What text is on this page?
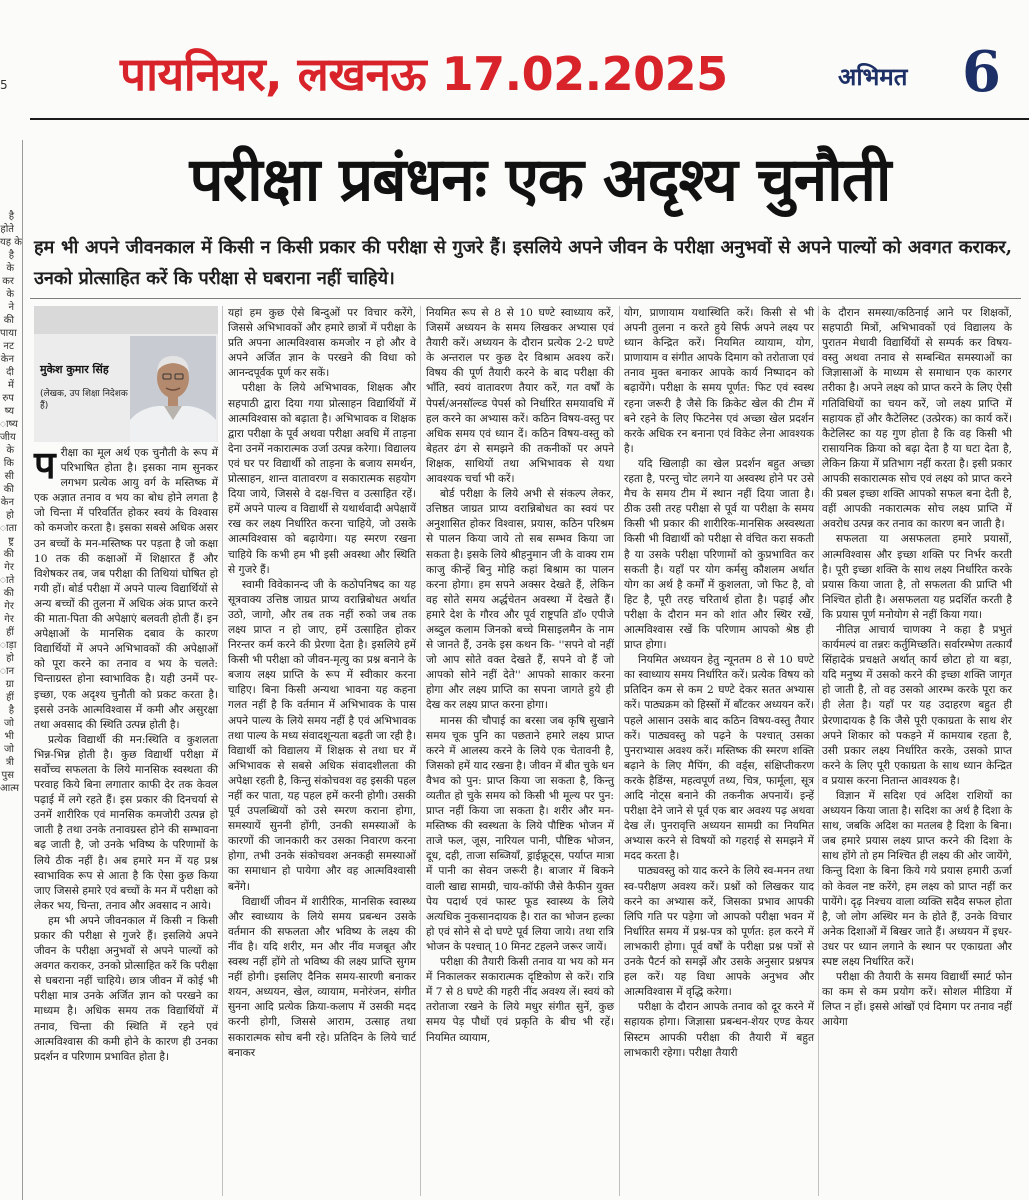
5 पायनियर, लखनऊ 17.02.2025	अभिमत 6
है
होते
यह के
है
के
कर
के
ने
की
पाया
नट
केन
दी
में
रुप
ष्य
ाष्य
जीय
के
कि
सी
की
केन
हो
ाता
ष्ट्र
की
गेर
ाते
की
गेर
गेर
हीं
ाड़ा
हो
ान
ग्रा
हीं
है
जो
भी
जो
त्री
पुस
आत्म
परीक्षा प्रबंधनः एक अदृश्य चुनौती
हम भी अपने जीवनकाल में किसी न किसी प्रकार की परीक्षा से गुजरे हैं। इसलिये अपने जीवन के परीक्षा अनुभवों से अपने पाल्यों को अवगत कराकर, उनको प्रोत्साहित करें कि परीक्षा से घबराना नहीं चाहिये।
मुकेश कुमार सिंह
(लेखक, उप शिक्षा निदेशक हैं)

परीक्षा का मूल अर्थ एक चुनौती के रूप में परिभाषित होता है। इसका नाम सुनकर लगभग प्रत्येक आयु वर्ग के मस्तिष्क में एक अज्ञात तनाव व भय का बोध होने लगता है जो चिन्ता में परिवर्तित होकर स्वयं के विश्वास को कमजोर करता है। इसका सबसे अधिक असर उन बच्चों के मन-मस्तिष्क पर पड़ता है जो कक्षा 10 तक की कक्षाओं में शिक्षारत हैं और विशेषकर तब, जब परीक्षा की तिथियां घोषित हो गयी हों। बोर्ड परीक्षा में अपने पाल्य विद्यार्थियों से अन्य बच्चों की तुलना में अधिक अंक प्राप्त करने की माता-पिता की अपेक्षाएं बलवती होती हैं। इन अपेक्षाओं के मानसिक दबाव के कारण विद्यार्थियों में अपने अभिभावकों की अपेक्षाओं को पूरा करने का तनाव व भय के चलते: चिन्ताग्रस्त होना स्वाभाविक है। यही उनमें पर-इच्छा, एक अदृश्य चुनौती को प्रकट करता है। इससे उनके आत्मविश्वास में कमी और असुरक्षा तथा अवसाद की स्थिति उत्पन्न होती है।

प्रत्येक विद्यार्थी की मन:स्थिति व कुशलता भिन्न-भिन्न होती है। कुछ विद्यार्थी परीक्षा में सर्वोच्च सफलता के लिये मानसिक स्वस्थता की परवाह किये बिना लगातार काफी देर तक केवल पढ़ाई में लगे रहते हैं। इस प्रकार की दिनचर्या से उनमें शारीरिक एवं मानसिक कमजोरी उत्पन्न हो जाती है तथा उनके तनावग्रस्त होने की सम्भावना बढ़ जाती है, जो उनके भविष्य के परिणामों के लिये ठीक नहीं है। अब हमारे मन में यह प्रश्न स्वाभाविक रूप से आता है कि ऐसा कुछ किया जाए जिससे हमारे एवं बच्चों के मन में परीक्षा को लेकर भय, चिन्ता, तनाव और अवसाद न आये।

हम भी अपने जीवनकाल में किसी न किसी प्रकार की परीक्षा से गुजरे हैं। इसलिये अपने जीवन के परीक्षा अनुभवों से अपने पाल्यों को अवगत कराकर, उनको प्रोत्साहित करें कि परीक्षा से घबराना नहीं चाहिये। छात्र जीवन में कोई भी परीक्षा मात्र उनके अर्जित ज्ञान को परखने का माध्यम है। अधिक समय तक विद्यार्थियों में तनाव, चिन्ता की स्थिति में रहने एवं आत्मविश्वास की कमी होने के कारण ही उनका प्रदर्शन व परिणाम प्रभावित होता है।

यहां हम कुछ ऐसे बिन्दुओं पर विचार करेंगे, जिससे अभिभावकों और हमारे छात्रों में परीक्षा के प्रति अपना आत्मविश्वास कमजोर न हो और वे अपने अर्जित ज्ञान के परखने की विधा को आनन्दपूर्वक पूर्ण कर सकें।

परीक्षा के लिये अभिभावक, शिक्षक और सहपाठी द्वारा दिया गया प्रोत्साहन विद्यार्थियों में आत्मविश्वास को बढ़ाता है। अभिभावक व शिक्षक द्वारा परीक्षा के पूर्व अथवा परीक्षा अवधि में ताड़ना देना उनमें नकारात्मक उर्जा उत्पन्न करेगा। विद्यालय एवं घर पर विद्यार्थी को ताड़ना के बजाय समर्थन, प्रोत्साहन, शान्त वातावरण व सकारात्मक सहयोग दिया जाये, जिससे वे दक्ष-चित्त व उत्साहित रहें। हमें अपने पाल्य व विद्यार्थी से यथार्थवादी अपेक्षायें रख कर लक्ष्य निर्धारित करना चाहिये, जो उसके आत्मविश्वास को बढ़ायेगा। यह स्मरण रखना चाहिये कि कभी हम भी इसी अवस्था और स्थिति से गुजरे हैं।

स्वामी विवेकानन्द जी के कठोपनिषद का यह सूत्रवाक्य उत्तिष्ठ जाग्रत प्राप्य वरान्निबोधत अर्थात उठो, जागो, और तब तक नहीं रुको जब तक लक्ष्य प्राप्त न हो जाए, हमें उत्साहित होकर निरन्तर कर्म करने की प्रेरणा देता है। इसलिये हमें किसी भी परीक्षा को जीवन-मृत्यु का प्रश्न बनाने के बजाय लक्ष्य प्राप्ति के रूप में स्वीकार करना चाहिए। बिना किसी अन्यथा भावना यह कहना गलत नहीं है कि वर्तमान में अभिभावक के पास अपने पाल्य के लिये समय नहीं है एवं अभिभावक तथा पाल्य के मध्य संवादशून्यता बढ़ती जा रही है। विद्यार्थी को विद्यालय में शिक्षक से तथा घर में अभिभावक से सबसे अधिक संवादशीलता की अपेक्षा रहती है, किन्तु संकोचवश वह इसकी पहल नहीं कर पाता, यह पहल हमें करनी होगी। उसकी पूर्व उपलब्धियों को उसे स्मरण कराना होगा, समस्यायें सुननी होंगी, उनकी समस्याओं के कारणों की जानकारी कर उसका निवारण करना होगा, तभी उनके संकोचवश अनकही समस्याओं का समाधान हो पायेगा और वह आत्मविश्वासी बनेंगे।

विद्यार्थी जीवन में शारीरिक, मानसिक स्वास्थ्य और स्वाध्याय के लिये समय प्रबन्धन उसके वर्तमान की सफलता और भविष्य के लक्ष्य की नींव है। यदि शरीर, मन और नींव मजबूत और स्वस्थ नहीं होंगे तो भविष्य की लक्ष्य प्राप्ति सुगम नहीं होगी। इसलिए दैनिक समय-सारणी बनाकर शयन, अध्ययन, खेल, व्यायाम, मनोरंजन, संगीत सुनना आदि प्रत्येक क्रिया-कलाप में उसकी मदद करनी होगी, जिससे आराम, उत्साह तथा सकारात्मक सोच बनी रहे। प्रतिदिन के लिये चार्ट बनाकर

नियमित रूप से 8 से 10 घण्टे स्वाध्याय करें, जिसमें अध्ययन के समय लिखकर अभ्यास एवं तैयारी करें। अध्ययन के दौरान प्रत्येक 2-2 घण्टे के अन्तराल पर कुछ देर विश्राम अवश्य करें। विषय की पूर्ण तैयारी करने के बाद परीक्षा की भाँति, स्वयं वातावरण तैयार करें, गत वर्षों के पेपर्स/अनसॉल्व्ड पेपर्स को निर्धारित समयावधि में हल करने का अभ्यास करें। कठिन विषय-वस्तु पर अधिक समय एवं ध्यान दें। कठिन विषय-वस्तु को बेहतर ढंग से समझने की तकनीकों पर अपने शिक्षक, साथियों तथा अभिभावक से यथा आवश्यक चर्चा भी करें।

बोर्ड परीक्षा के लिये अभी से संकल्प लेकर, उत्तिष्ठत जाग्रत प्राप्य वरान्निबोधत का स्वयं पर अनुशासित होकर विश्वास, प्रयास, कठिन परिश्रम से पालन किया जाये तो सब सम्भव किया जा सकता है। इसके लिये श्रीहनुमान जी के वाक्य राम काजु कीन्हें बिनु मोहि कहां बिश्राम का पालन करना होगा। हम सपने अक्सर देखते हैं, लेकिन वह सोते समय अर्द्धचेतन अवस्था में देखते हैं। हमारे देश के गौरव और पूर्व राष्ट्रपति डॉ० एपीजे अब्दुल कलाम जिनको बच्चे मिसाइलमैन के नाम से जानते हैं, उनके इस कथन कि- ''सपने वो नहीं जो आप सोते वक्त देखते हैं, सपने वो हैं जो आपको सोने नहीं देते'' आपको साकार करना होगा और लक्ष्य प्राप्ति का सपना जागते हुये ही देख कर लक्ष्य प्राप्त करना होगा।

मानस की चौपाई का बरसा जब कृषि सुखाने समय चूक पुनि का पछताने हमारे लक्ष्य प्राप्त करने में आलस्य करने के लिये एक चेतावनी है, जिसको हमें याद रखना है। जीवन में बीत चुके धन वैभव को पुन: प्राप्त किया जा सकता है, किन्तु व्यतीत हो चुके समय को किसी भी मूल्य पर पुन: प्राप्त नहीं किया जा सकता है। शरीर और मन-मस्तिष्क की स्वस्थता के लिये पौष्टिक भोजन में ताजे फल, जूस, नारियल पानी, पौष्टिक भोजन, दूध, दही, ताजा सब्जियाँ, ड्राईफ्रूट्स, पर्याप्त मात्रा में पानी का सेवन जरूरी है। बाजार में बिकने वाली खाद्य सामग्री, चाय-कॉफी जैसे कैफीन युक्त पेय पदार्थ एवं फास्ट फूड स्वास्थ्य के लिये अत्यधिक नुकसानदायक है। रात का भोजन हल्का हो एवं सोने से दो घण्टे पूर्व लिया जाये। तथा रात्रि भोजन के पश्चात् 10 मिनट टहलने जरूर जायें।

परीक्षा की तैयारी किसी तनाव या भय को मन में निकालकर सकारात्मक दृष्टिकोण से करें। रात्रि में 7 से 8 घण्टे की गहरी नींद अवश्य लें। स्वयं को तरोताजा रखने के लिये मधुर संगीत सुनें, कुछ समय पेड़ पौधों एवं प्रकृति के बीच भी रहें। नियमित व्यायाम,

योग, प्राणायाम यथास्थिति करें। किसी से भी अपनी तुलना न करते हुये सिर्फ अपने लक्ष्य पर ध्यान केन्द्रित करें। नियमित व्यायाम, योग, प्राणायाम व संगीत आपके दिमाग को तरोताजा एवं तनाव मुक्त बनाकर आपके कार्य निष्पादन को बढ़ायेंगे। परीक्षा के समय पूर्णत: फिट एवं स्वस्थ रहना जरूरी है जैसे कि क्रिकेट खेल की टीम में बने रहने के लिए फिटनेस एवं अच्छा खेल प्रदर्शन करके अधिक रन बनाना एवं विकेट लेना आवश्यक है।

यदि खिलाड़ी का खेल प्रदर्शन बहुत अच्छा रहता है, परन्तु चोट लगने या अस्वस्थ होने पर उसे मैच के समय टीम में स्थान नहीं दिया जाता है। ठीक उसी तरह परीक्षा से पूर्व या परीक्षा के समय किसी भी प्रकार की शारीरिक-मानसिक अस्वस्थता किसी भी विद्यार्थी को परीक्षा से वंचित करा सकती है या उसके परीक्षा परिणामों को कुप्रभावित कर सकती है। यहाँ पर योग कर्मसु कौशलम अर्थात योग का अर्थ है कर्मों में कुशलता, जो फिट है, वो हिट है, पूरी तरह चरितार्थ होता है। पढ़ाई और परीक्षा के दौरान मन को शांत और स्थिर रखें, आत्मविश्वास रखें कि परिणाम आपको श्रेष्ठ ही प्राप्त होगा।

नियमित अध्ययन हेतु न्यूनतम 8 से 10 घण्टे का स्वाध्याय समय निर्धारित करें। प्रत्येक विषय को प्रतिदिन कम से कम 2 घण्टे देकर सतत अभ्यास करें। पाठ्यक्रम को हिस्सों में बाँटकर अध्ययन करें। पहले आसान उसके बाद कठिन विषय-वस्तु तैयार करें। पाठ्यवस्तु को पढ़ने के पश्चात् उसका पुनराभ्यास अवश्य करें। मस्तिष्क की स्मरण शक्ति बढ़ाने के लिए मैपिंग, की वर्ड्स, संक्षिप्तीकरण करके हैडिंग्स, महत्वपूर्ण तथ्य, चित्र, फार्मूला, सूत्र आदि नोट्स बनाने की तकनीक अपनायें। इन्हें परीक्षा देने जाने से पूर्व एक बार अवश्य पढ़ अथवा देख लें। पुनरावृत्ति अध्ययन सामग्री का नियमित अभ्यास करने से विषयों को गहराई से समझने में मदद करता है।

पाठ्यवस्तु को याद करने के लिये स्व-मनन तथा स्व-परीक्षण अवश्य करें। प्रश्नों को लिखकर याद करने का अभ्यास करें, जिसका प्रभाव आपकी लिपि गति पर पड़ेगा जो आपको परीक्षा भवन में निर्धारित समय में प्रश्न-पत्र को पूर्णत: हल करने में लाभकारी होगा। पूर्व वर्षों के परीक्षा प्रश्न पत्रों से उनके पैटर्न को समझें और उसके अनुसार प्रश्नपत्र हल करें। यह विधा आपके अनुभव और आत्मविश्वास में वृद्धि करेगा।

परीक्षा के दौरान आपके तनाव को दूर करने में सहायक होगा। जिज्ञासा प्रबन्धन-शेयर एण्ड केयर सिस्टम आपकी परीक्षा की तैयारी में बहुत लाभकारी रहेगा। परीक्षा तैयारी

के दौरान समस्या/कठिनाई आने पर शिक्षकों, सहपाठी मित्रों, अभिभावकों एवं विद्यालय के पुरातन मेधावी विद्यार्थियों से सम्पर्क कर विषय-वस्तु अथवा तनाव से सम्बन्धित समस्याओं का जिज्ञासाओं के माध्यम से समाधान एक कारगर तरीका है। अपने लक्ष्य को प्राप्त करने के लिए ऐसी गतिविधियों का चयन करें, जो लक्ष्य प्राप्ति में सहायक हों और कैटेलिस्ट (उत्प्रेरक) का कार्य करें। कैटेलिस्ट का यह गुण होता है कि वह किसी भी रासायनिक क्रिया को बढ़ा देता है या घटा देता है, लेकिन क्रिया में प्रतिभाग नहीं करता है। इसी प्रकार आपकी सकारात्मक सोच एवं लक्ष्य को प्राप्त करने की प्रबल इच्छा शक्ति आपको सफल बना देती है, वहीं आपकी नकारात्मक सोच लक्ष्य प्राप्ति में अवरोध उत्पन्न कर तनाव का कारण बन जाती है।

सफलता या असफलता हमारे प्रयासों, आत्मविश्वास और इच्छा शक्ति पर निर्भर करती है। पूरी इच्छा शक्ति के साथ लक्ष्य निर्धारित करके प्रयास किया जाता है, तो सफलता की प्राप्ति भी निश्चित होती है। असफलता यह प्रदर्शित करती है कि प्रयास पूर्ण मनोयोग से नहीं किया गया।

नीतिज्ञ आचार्य चाणक्य ने कहा है प्रभुतं कार्यमल्पं वा तन्नरः कर्तुमिच्छति। सर्वारम्भेण तत्कार्यं सिंहादेकं प्रचक्षते अर्थात् कार्य छोटा हो या बड़ा, यदि मनुष्य में उसको करने की इच्छा शक्ति जागृत हो जाती है, तो वह उसको आरम्भ करके पूरा कर ही लेता है। यहाँ पर यह उदाहरण बहुत ही प्रेरणादायक है कि जैसे पूरी एकाग्रता के साथ शेर अपने शिकार को पकड़ने में कामयाब रहता है, उसी प्रकार लक्ष्य निर्धारित करके, उसको प्राप्त करने के लिए पूरी एकाग्रता के साथ ध्यान केन्द्रित व प्रयास करना नितान्त आवश्यक है।

विज्ञान में सदिश एवं अदिश राशियों का अध्ययन किया जाता है। सदिश का अर्थ है दिशा के साथ, जबकि अदिश का मतलब है दिशा के बिना। जब हमारे प्रयास लक्ष्य प्राप्त करने की दिशा के साथ होंगे तो हम निश्चित ही लक्ष्य की ओर जायेंगे, किन्तु दिशा के बिना किये गये प्रयास हमारी ऊर्जा को केवल नष्ट करेंगे, हम लक्ष्य को प्राप्त नहीं कर पायेंगे। दृढ़ निश्चय वाला व्यक्ति सदैव सफल होता है, जो लोग अस्थिर मन के होते हैं, उनके विचार अनेक दिशाओं में बिखर जाते हैं। अध्ययन में इधर-उधर पर ध्यान लगाने के स्थान पर एकाग्रता और स्पष्ट लक्ष्य निर्धारित करें।

परीक्षा की तैयारी के समय विद्यार्थी स्मार्ट फोन का कम से कम प्रयोग करें। सोशल मीडिया में लिप्त न हों। इससे आंखों एवं दिमाग पर तनाव नहीं आयेगा
